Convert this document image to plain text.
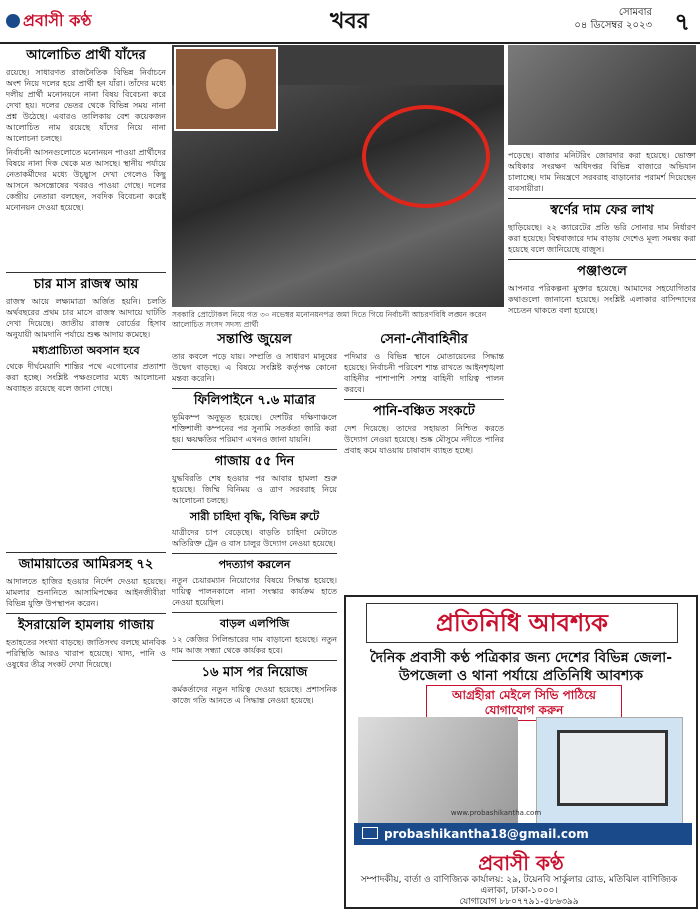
প্রবাসী কণ্ঠ	খবর	সোমবার
০৪ ডিসেম্বর ২০২৩ ৭
আলোচিত প্রার্থী যাঁদের

রয়েছে। সাধারণত রাজনৈতিক বিভিন্ন নির্বাচনে অংশ নিয়ে দলের হয়ে প্রার্থী হন যাঁরা। তাঁদের মধ্যে দলীয় প্রার্থী মনোনয়নে নানা বিষয় বিবেচনা করে দেখা হয়। দলের ভেতর থেকে বিভিন্ন সময় নানা প্রশ্ন উঠেছে। এবারও তালিকায় বেশ কয়েকজন আলোচিত নাম রয়েছে যাঁদের নিয়ে নানা আলোচনা চলছে।

নির্বাচনী আসনগুলোতে মনোনয়ন পাওয়া প্রার্থীদের বিষয়ে নানা দিক থেকে মত আসছে। স্থানীয় পর্যায়ে নেতাকর্মীদের মধ্যে উচ্ছ্বাস দেখা গেলেও কিছু আসনে অসন্তোষের খবরও পাওয়া গেছে। দলের কেন্দ্রীয় নেতারা বলছেন, সবদিক বিবেচনা করেই মনোনয়ন দেওয়া হয়েছে।

চার মাস রাজস্ব আয়

রাজস্ব আয়ে লক্ষ্যমাত্রা অর্জিত হয়নি। চলতি অর্থবছরের প্রথম চার মাসে রাজস্ব আদায়ে ঘাটতি দেখা দিয়েছে। জাতীয় রাজস্ব বোর্ডের হিসাব অনুযায়ী আমদানি পর্যায়ে শুল্ক আদায় কমেছে।

মধ্যপ্রাচ্যিতা অবসান হবে

থেকে দীর্ঘমেয়াদি শান্তির পথে এগোনোর প্রত্যাশা করা হচ্ছে। সংশ্লিষ্ট পক্ষগুলোর মধ্যে আলোচনা অব্যাহত রয়েছে বলে জানা গেছে।

জামায়াতের আমিরসহ ৭২

আদালতে হাজির হওয়ার নির্দেশ দেওয়া হয়েছে। মামলার শুনানিতে আসামিপক্ষের আইনজীবীরা বিভিন্ন যুক্তি উপস্থাপন করেন।

ইসরায়েলি হামলায় গাজায়

হতাহতের সংখ্যা বাড়ছে। জাতিসংঘ বলছে মানবিক পরিস্থিতি আরও খারাপ হয়েছে। খাদ্য, পানি ও ওষুধের তীব্র সংকট দেখা দিয়েছে।

সবকারি প্রোটোকল নিয়ে গত ৩০ নভেম্বর মনোনয়নপত্র জমা দিতে গিয়ে নির্বাচনী আচরণবিধি লঙ্ঘন করেন আলোচিত সংসদ সদস্য প্রার্থী
সন্তাপ্তি জুয়েল

তার কবলে পড়ে যায়। সম্প্রতি ও সাধারণ মানুষের উদ্বেগ বাড়ছে। এ বিষয়ে সংশ্লিষ্ট কর্তৃপক্ষ কোনো মন্তব্য করেনি।

ফিলিপাইনে ৭.৬ মাত্রার

ভূমিকম্প অনুভূত হয়েছে। দেশটির দক্ষিণাঞ্চলে শক্তিশালী কম্পনের পর সুনামি সতর্কতা জারি করা হয়। ক্ষয়ক্ষতির পরিমাণ এখনও জানা যায়নি।

গাজায় ৫৫ দিন

যুদ্ধবিরতি শেষ হওয়ার পর আবার হামলা শুরু হয়েছে। জিম্মি বিনিময় ও ত্রাণ সরবরাহ নিয়ে আলোচনা চলছে।

সারী চাহিদা বৃদ্ধি, বিভিন্ন রুটে

যাত্রীদের চাপ বেড়েছে। বাড়তি চাহিদা মেটাতে অতিরিক্ত ট্রেন ও বাস চালুর উদ্যোগ নেওয়া হয়েছে।

পদত্যাগ করলেন

নতুন চেয়ারম্যান নিয়োগের বিষয়ে সিদ্ধান্ত হয়েছে। দায়িত্ব পালনকালে নানা সংস্কার কার্যক্রম হাতে নেওয়া হয়েছিল।

বাড়ল এলপিজি

১২ কেজির সিলিন্ডারের দাম বাড়ানো হয়েছে। নতুন দাম আজ সন্ধ্যা থেকে কার্যকর হবে।

১৬ মাস পর নিয়োজ

কর্মকর্তাদের নতুন দায়িত্ব দেওয়া হয়েছে। প্রশাসনিক কাজে গতি আনতে এ সিদ্ধান্ত নেওয়া হয়েছে।

সেনা-নৌবাহিনীর

পদিমার ও বিভিন্ন স্থানে মোতায়েনের সিদ্ধান্ত হয়েছে। নির্বাচনী পরিবেশ শান্ত রাখতে আইনশৃঙ্খলা বাহিনীর পাশাপাশি সশস্ত্র বাহিনী দায়িত্ব পালন করবে।

পানি-বঞ্চিত সংকটে

দেশ দিয়েছে। তাদের সহায়তা নিশ্চিত করতে উদ্যোগ নেওয়া হয়েছে। শুষ্ক মৌসুমে নদীতে পানির প্রবাহ কমে যাওয়ায় চাষাবাদ ব্যাহত হচ্ছে।

পড়েছে। বাজার মনিটরিং জোরদার করা হয়েছে। ভোক্তা অধিকার সংরক্ষণ অধিদপ্তর বিভিন্ন বাজারে অভিযান চালাচ্ছে। দাম নিয়ন্ত্রণে সরবরাহ বাড়ানোর পরামর্শ দিয়েছেন ব্যবসায়ীরা।

স্বর্ণের দাম ফের লাখ

ছাড়িয়েছে। ২২ ক্যারেটের প্রতি ভরি সোনার দাম নির্ধারণ করা হয়েছে। বিশ্ববাজারে দাম বাড়ায় দেশেও মূল্য সমন্বয় করা হয়েছে বলে জানিয়েছে বাজুস।

পঞ্জাণ্ডলে

আপনার পরিকল্পনা মুক্তার হয়েছে। আমাদের সহযোগিতার কথাগুলো জানানো হয়েছে। সংশ্লিষ্ট এলাকার বাসিন্দাদের সচেতন থাকতে বলা হয়েছে।

প্রতিনিধি আবশ্যক
দৈনিক প্রবাসী কণ্ঠ পত্রিকার জন্য দেশের বিভিন্ন জেলা-উপজেলা ও থানা পর্যায়ে প্রতিনিধি আবশ্যক
আগ্রহীরা মেইলে সিভি পাঠিয়ে যোগাযোগ করুন
www.probashikantha.com
probashikantha18@gmail.com
প্রবাসী কণ্ঠ
সম্পাদকীয়, বার্তা ও বাণিজ্যিক কার্যালয়: ২৯, টয়েনবি সার্কুলার রোড, মতিঝিল বাণিজ্যিক এলাকা, ঢাকা-১০০০।
যোগাযোগ ৮৮০৭৭৯১-৫৮৬৩৯৯
